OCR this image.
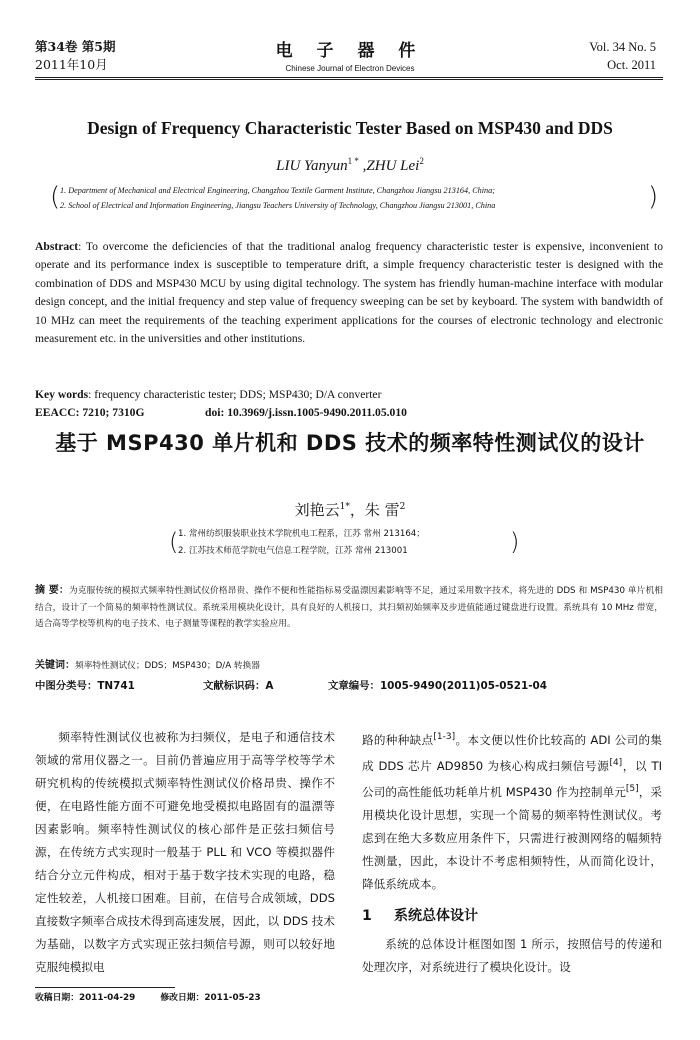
第34卷 第5期
2011年10月
电 子 器 件
Chinese Journal of Electron Devices
Vol. 34 No. 5
Oct. 2011
Design of Frequency Characteristic Tester Based on MSP430 and DDS
LIU Yanyun$^{1 *}$ ,ZHU Lei$^2$
( 1. Department of Mechanical and Electrical Engineering, Changzhou Textile Garment Institute, Changzhou Jiangsu 213164, China;
2. School of Electrical and Information Engineering, Jiangsu Teachers University of Technology, Changzhou Jiangsu 213001, China	)
Abstract: To overcome the deficiencies of that the traditional analog frequency characteristic tester is expensive, inconvenient to operate and its performance index is susceptible to temperature drift, a simple frequency characteristic tester is designed with the combination of DDS and MSP430 MCU by using digital technology. The system has friendly human-machine interface with modular design concept, and the initial frequency and step value of frequency sweeping can be set by keyboard. The system with bandwidth of 10 MHz can meet the requirements of the teaching experiment applications for the courses of electronic technology and electronic measurement etc. in the universities and other institutions.
Key words: frequency characteristic tester; DDS; MSP430; D/A converter
EEACC: 7210; 7310G	doi: 10.3969/j.issn.1005-9490.2011.05.010
基于 MSP430 单片机和 DDS 技术的频率特性测试仪的设计
刘艳云$^{1*}$，朱 雷$^2$
( 1. 常州纺织服装职业技术学院机电工程系，江苏 常州 213164；
2. 江苏技术师范学院电气信息工程学院，江苏 常州 213001	)
摘 要：为克服传统的模拟式频率特性测试仪价格昂贵、操作不便和性能指标易受温漂因素影响等不足，通过采用数字技术，将先进的 DDS 和 MSP430 单片机相结合，设计了一个简易的频率特性测试仪。系统采用模块化设计，具有良好的人机接口，其扫频初始频率及步进值能通过键盘进行设置。系统具有 10 MHz 带宽，适合高等学校等机构的电子技术、电子测量等课程的教学实验应用。
关键词：频率特性测试仪；DDS；MSP430；D/A 转换器
中图分类号：TN741	文献标识码：A	文章编号：1005-9490(2011)05-0521-04
频率特性测试仪也被称为扫频仪，是电子和通信技术领域的常用仪器之一。目前仍普遍应用于高等学校等学术研究机构的传统模拟式频率特性测试仪价格昂贵、操作不便，在电路性能方面不可避免地受模拟电路固有的温漂等因素影响。频率特性测试仪的核心部件是正弦扫频信号源，在传统方式实现时一般基于 PLL 和 VCO 等模拟器件结合分立元件构成，相对于基于数字技术实现的电路，稳定性较差，人机接口困难。目前，在信号合成领域，DDS 直接数字频率合成技术得到高速发展，因此，以 DDS 技术为基础，以数字方式实现正弦扫频信号源，则可以较好地克服纯模拟电
路的种种缺点[1-3]。本文便以性价比较高的 ADI 公司的集成 DDS 芯片 AD9850 为核心构成扫频信号源[4]，以 TI 公司的高性能低功耗单片机 MSP430 作为控制单元[5]，采用模块化设计思想，实现一个简易的频率特性测试仪。考虑到在绝大多数应用条件下，只需进行被测网络的幅频特性测量，因此，本设计不考虑相频特性，从而简化设计，降低系统成本。
1 系统总体设计
系统的总体设计框图如图 1 所示，按照信号的传递和处理次序，对系统进行了模块化设计。设
收稿日期：2011-04-29	修改日期：2011-05-23
